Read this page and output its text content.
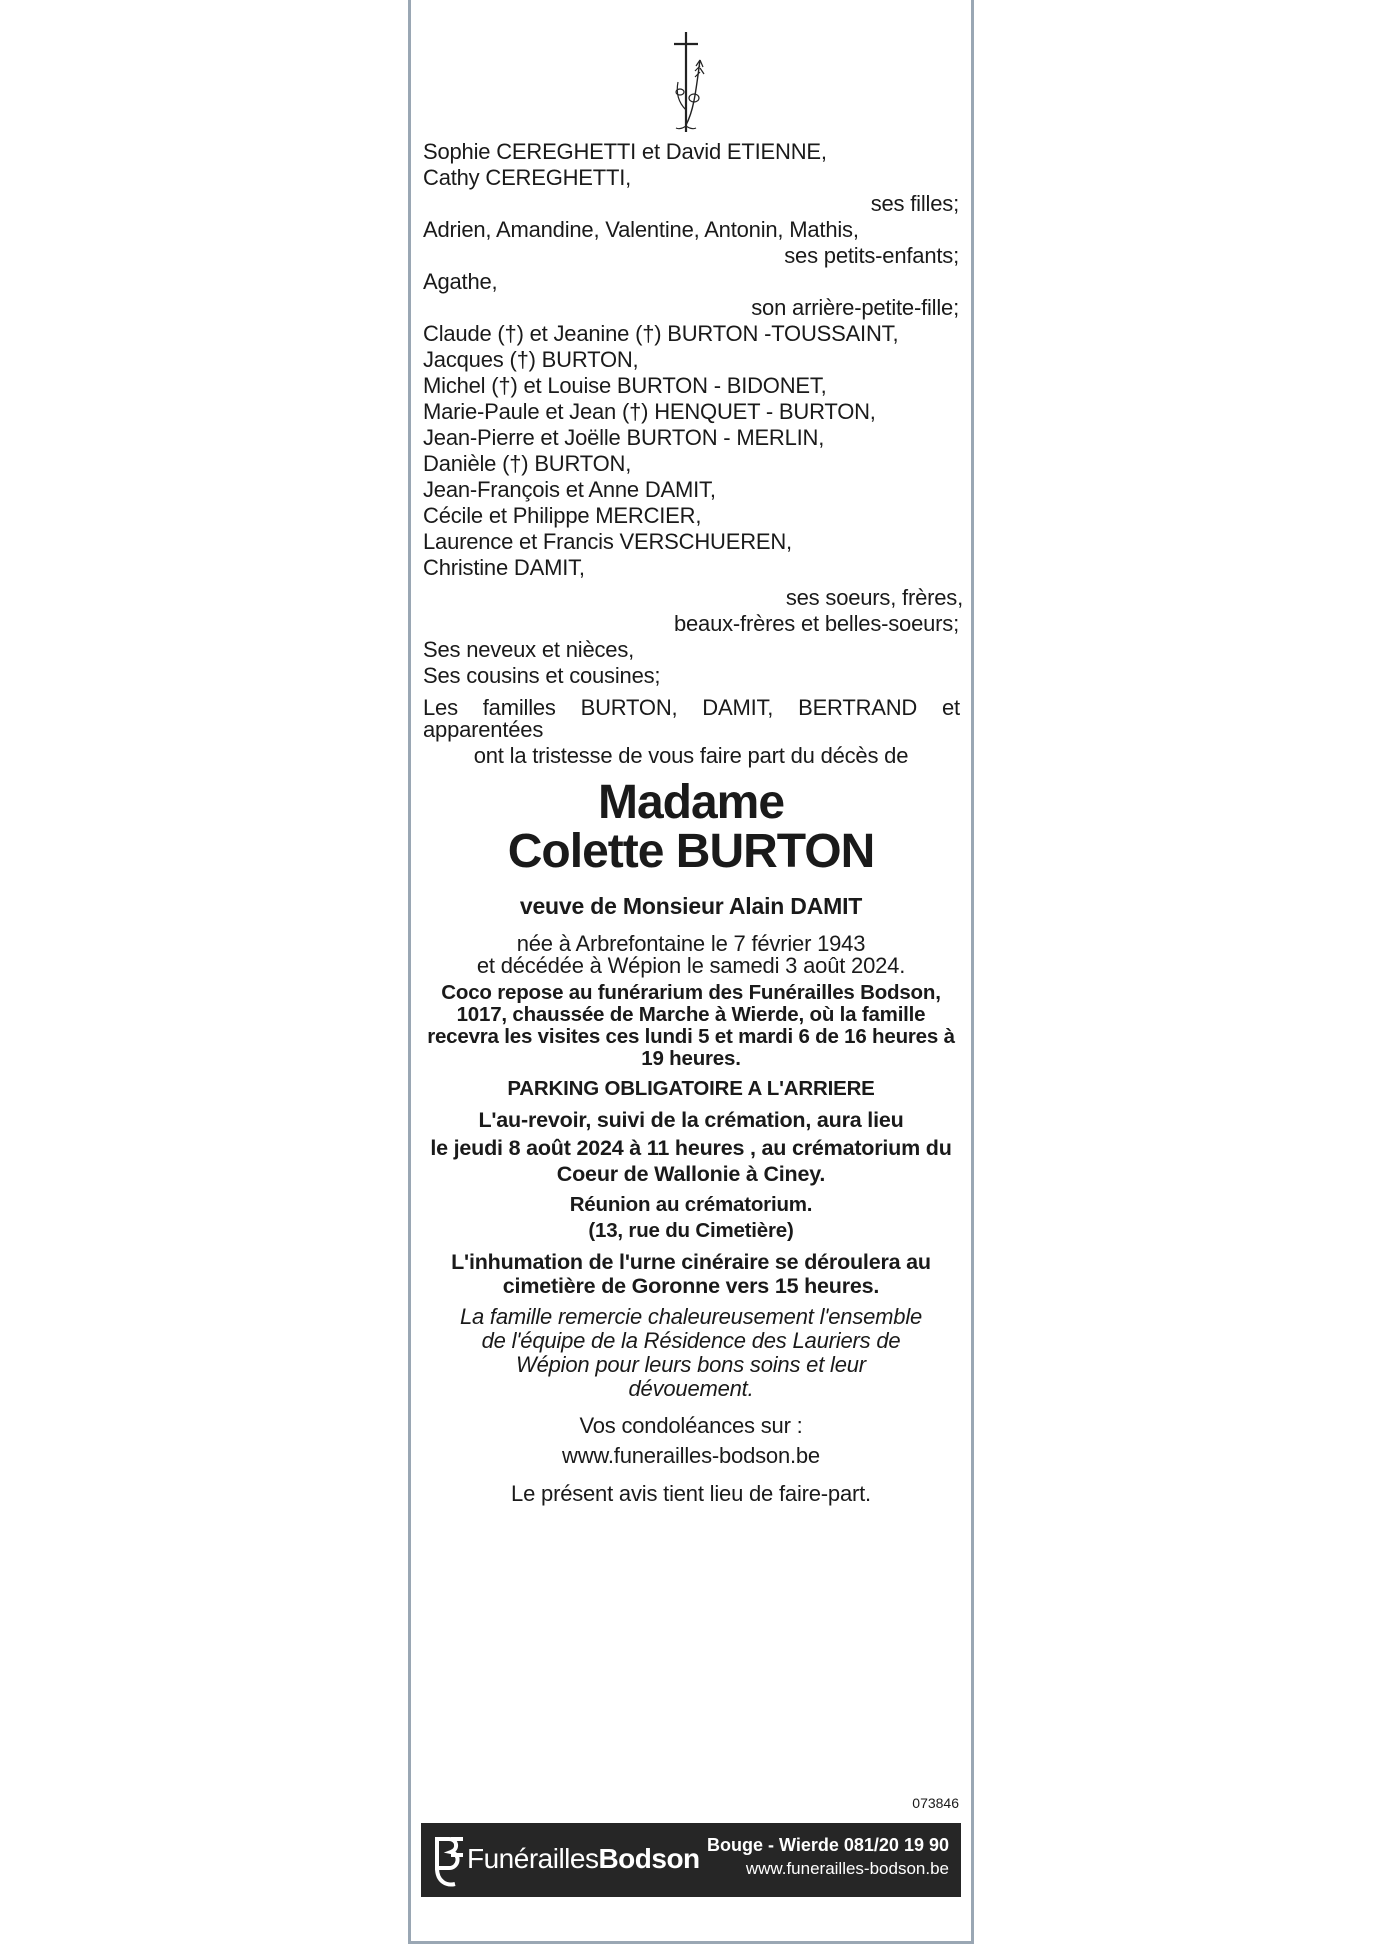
Sophie CEREGHETTI et David ETIENNE,
Cathy CEREGHETTI,
ses filles;
Adrien, Amandine, Valentine, Antonin, Mathis,
ses petits-enfants;
Agathe,
son arrière-petite-fille;
Claude (†) et Jeanine (†) BURTON -TOUSSAINT,
Jacques (†) BURTON,
Michel (†) et Louise BURTON - BIDONET,
Marie-Paule et Jean (†) HENQUET - BURTON,
Jean-Pierre et Joëlle BURTON - MERLIN,
Danièle (†) BURTON,
Jean-François et Anne DAMIT,
Cécile et Philippe MERCIER,
Laurence et Francis VERSCHUEREN,
Christine DAMIT,
ses soeurs, frères,
beaux-frères et belles-soeurs;
Ses neveux et nièces,
Ses cousins et cousines;
Les familles BURTON, DAMIT, BERTRAND et
apparentées
ont la tristesse de vous faire part du décès de
Madame
Colette BURTON
veuve de Monsieur Alain DAMIT
née à Arbrefontaine le 7 février 1943
et décédée à Wépion le samedi 3 août 2024.
Coco repose au funérarium des Funérailles Bodson,
1017, chaussée de Marche à Wierde, où la famille
recevra les visites ces lundi 5 et mardi 6 de 16 heures à
19 heures.
PARKING OBLIGATOIRE A L'ARRIERE
L'au-revoir, suivi de la crémation, aura lieu
le jeudi 8 août 2024 à 11 heures , au crématorium du
Coeur de Wallonie à Ciney.
Réunion au crématorium.
(13, rue du Cimetière)
L'inhumation de l'urne cinéraire se déroulera au
cimetière de Goronne vers 15 heures.
La famille remercie chaleureusement l'ensemble
de l'équipe de la Résidence des Lauriers de
Wépion pour leurs bons soins et leur
dévouement.
Vos condoléances sur :
www.funerailles-bodson.be
Le présent avis tient lieu de faire-part.
073846
FunéraillesBodson Bouge - Wierde 081/20 19 90
www.funerailles-bodson.be
